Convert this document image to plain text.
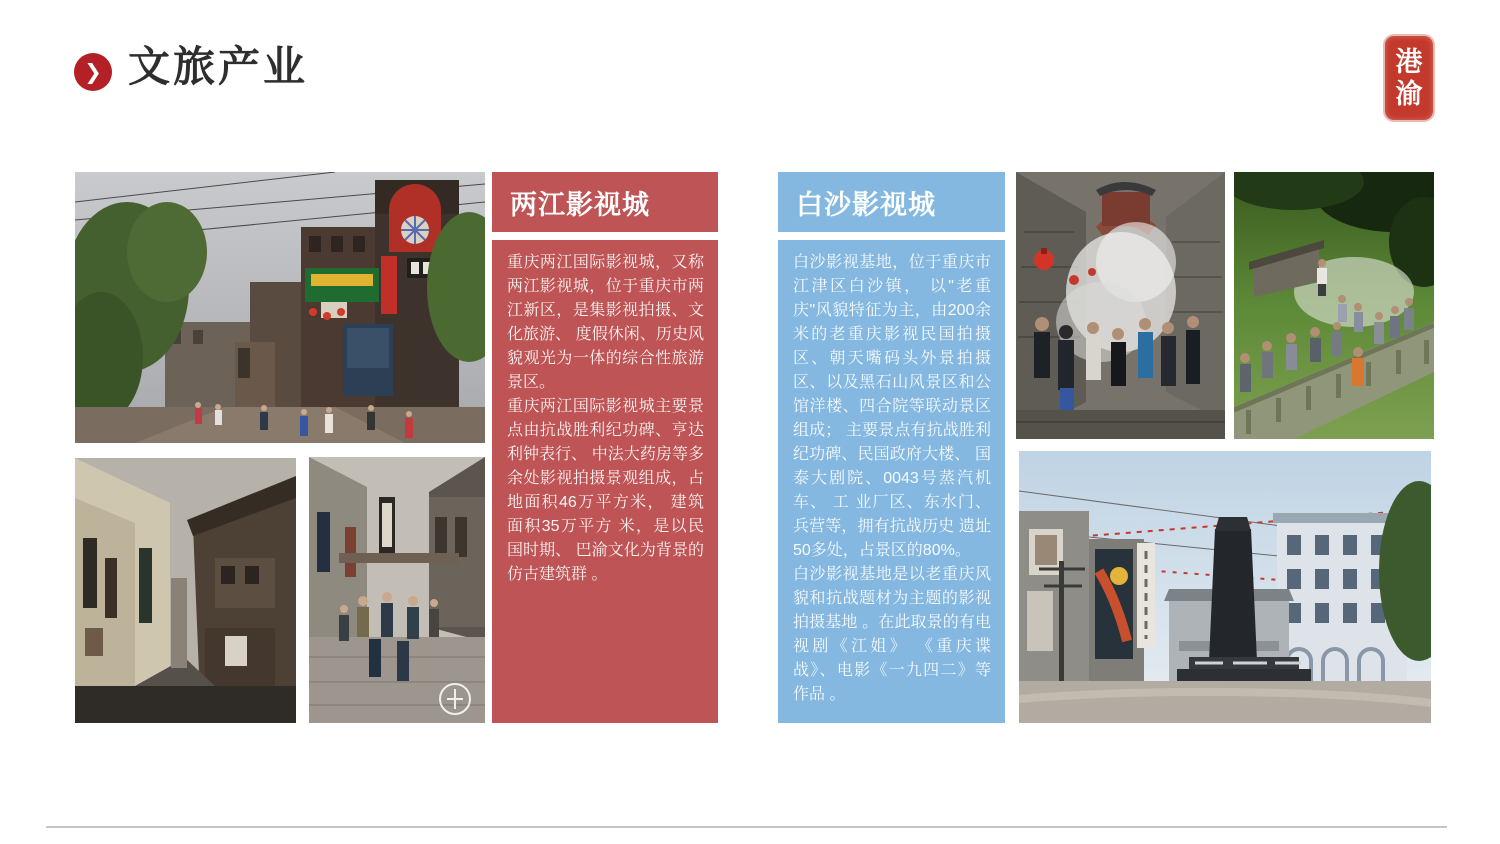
❯ 文旅产业	港
渝
两江影视城

重庆两江国际影视城，又称两江影视城，位于重庆市两江新区，是集影视拍摄、文化旅游、 度假休闲、历史风貌观光为一体的综合性旅游景区。

重庆两江国际影视城主要景点由抗战胜利纪功碑、亨达利钟表行、 中法大药房等多余处影视拍摄景观组成，占地面积46万平方米， 建筑面积35万平方 米，是以民国时期、 巴渝文化为背景的仿古建筑群 。

白沙影视城

白沙影视基地，位于重庆市江津区白沙镇， 以"老重庆"风貌特征为主，由200余米的老重庆影视民国拍摄 区、朝天嘴码头外景拍摄区、以及黑石山风景区和公馆洋楼、四合院等联动景区组成； 主要景点有抗战胜利纪功碑、民国政府大楼、 国泰大剧院、0043号蒸汽机车、 工 业厂区、东水门、兵营等，拥有抗战历史 遗址50多处，占景区的80%。

白沙影视基地是以老重庆风貌和抗战题材为主题的影视拍摄基地 。在此取景的有电视剧《江姐》 《重庆谍战》、电影《一九四二》等作品 。
